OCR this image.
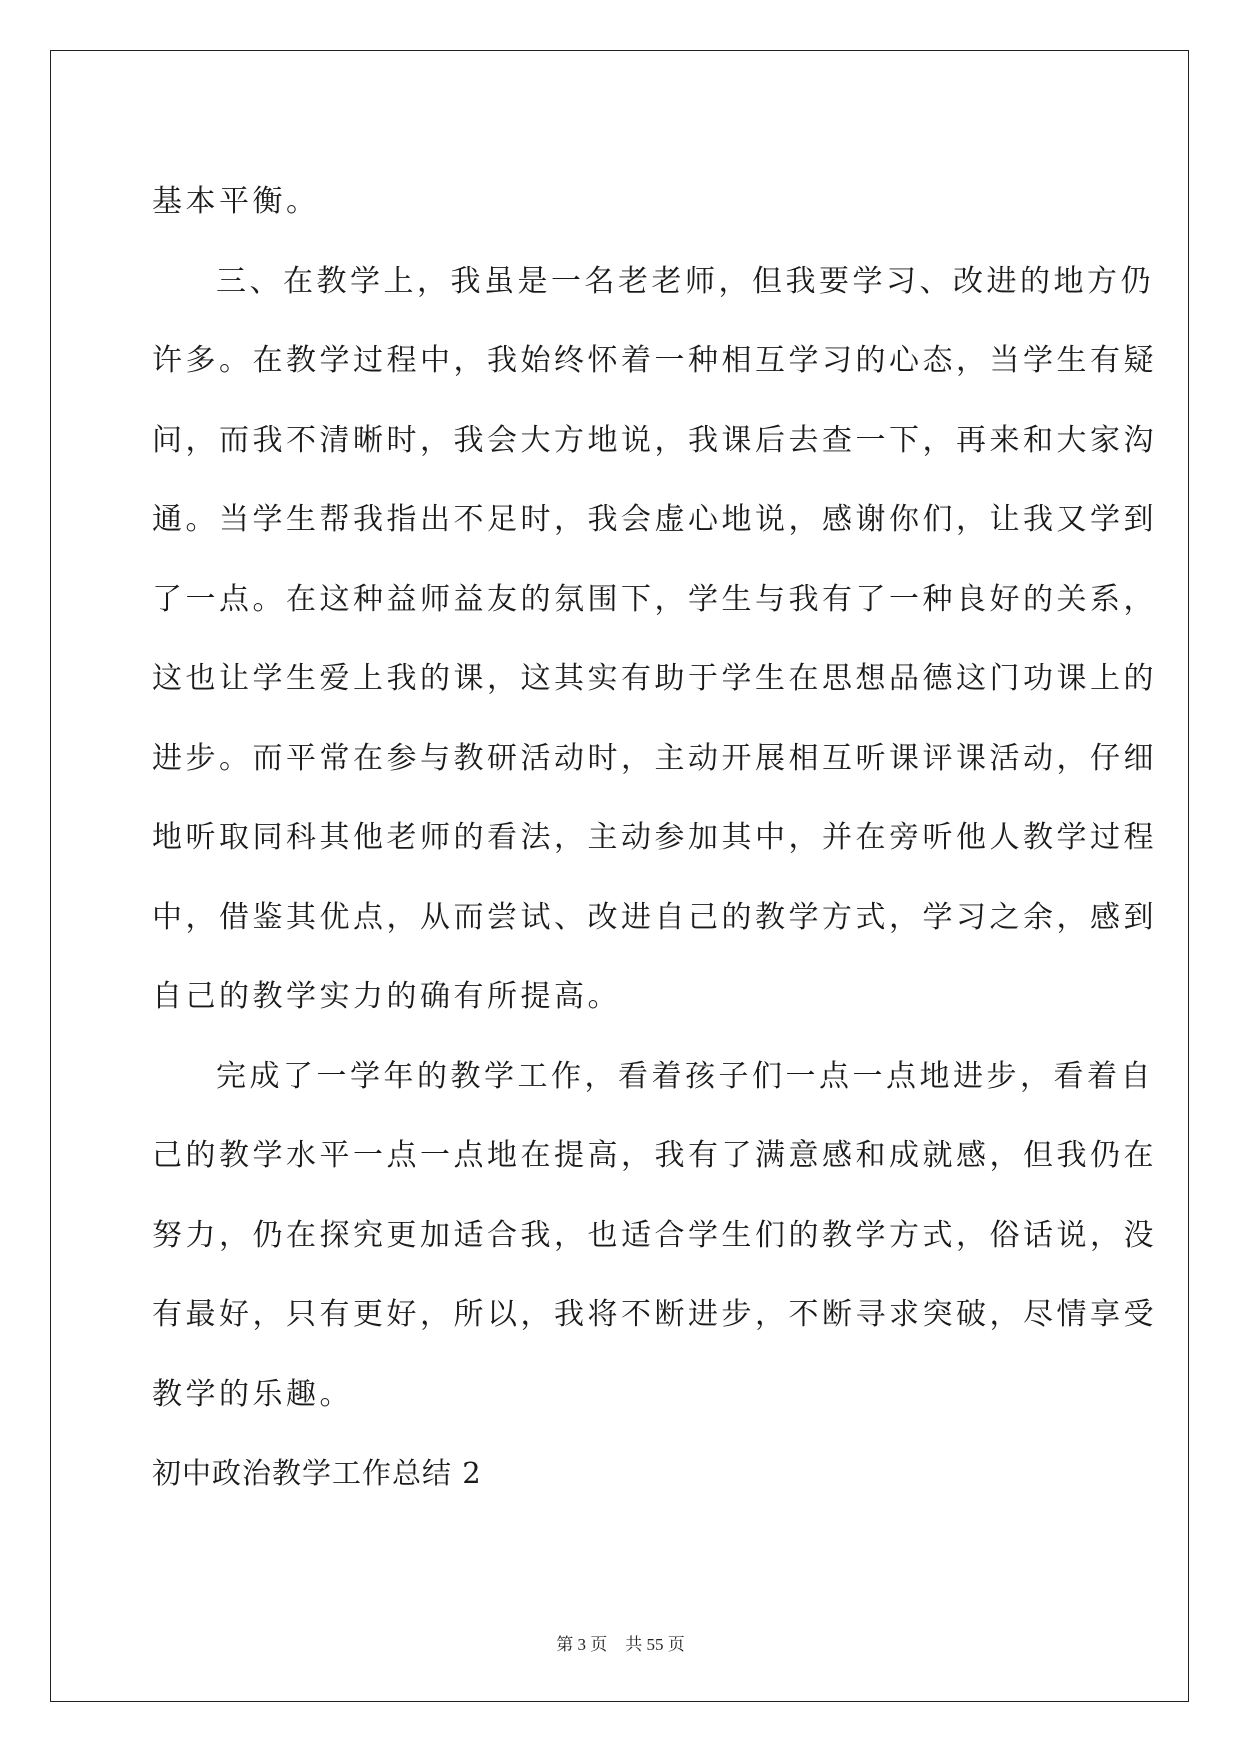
基本平衡。
三、在教学上，我虽是一名老老师，但我要学习、改进的地方仍
许多。在教学过程中，我始终怀着一种相互学习的心态，当学生有疑
问，而我不清晰时，我会大方地说，我课后去查一下，再来和大家沟
通。当学生帮我指出不足时，我会虚心地说，感谢你们，让我又学到
了一点。在这种益师益友的氛围下，学生与我有了一种良好的关系，
这也让学生爱上我的课，这其实有助于学生在思想品德这门功课上的
进步。而平常在参与教研活动时，主动开展相互听课评课活动，仔细
地听取同科其他老师的看法，主动参加其中，并在旁听他人教学过程
中，借鉴其优点，从而尝试、改进自己的教学方式，学习之余，感到
自己的教学实力的确有所提高。
完成了一学年的教学工作，看着孩子们一点一点地进步，看着自
己的教学水平一点一点地在提高，我有了满意感和成就感，但我仍在
努力，仍在探究更加适合我，也适合学生们的教学方式，俗话说，没
有最好，只有更好，所以，我将不断进步，不断寻求突破，尽情享受
教学的乐趣。
初中政治教学工作总结 2
第 3 页 共 55 页
